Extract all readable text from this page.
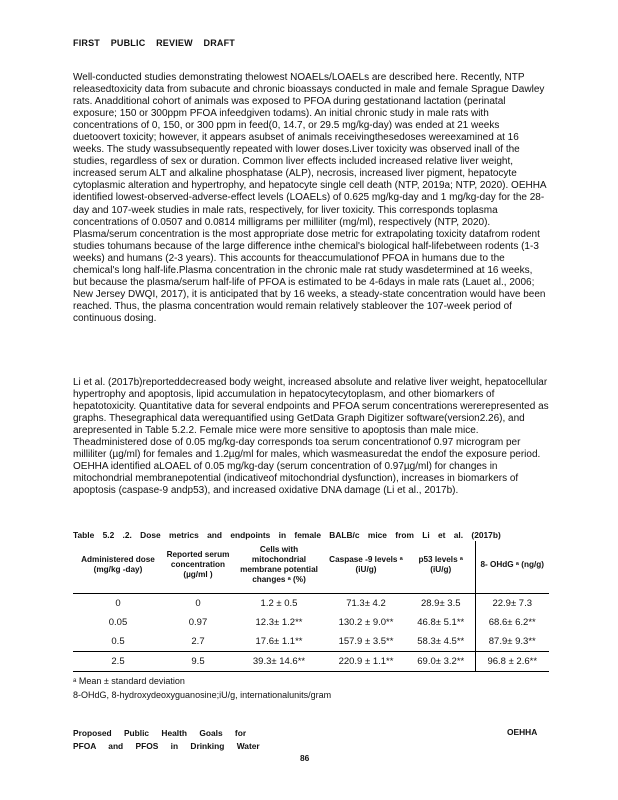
FIRST PUBLIC REVIEW DRAFT
Well-conducted studies demonstrating thelowest NOAELs/LOAELs are described here. Recently, NTP releasedtoxicity data from subacute and chronic bioassays conducted in male and female Sprague Dawley rats. Anadditional cohort of animals was exposed to PFOA during gestationand lactation (perinatal exposure; 150 or 300ppm PFOA infeedgiven todams). An initial chronic study in male rats with concentrations of 0, 150, or 300 ppm in feed(0, 14.7, or 29.5 mg/kg-day) was ended at 21 weeks duetoovert toxicity; however, it appears asubset of animals receivingthesedoses wereexamined at 16 weeks. The study wassubsequently repeated with lower doses.Liver toxicity was observed inall of the studies, regardless of sex or duration. Common liver effects included increased relative liver weight, increased serum ALT and alkaline phosphatase (ALP), necrosis, increased liver pigment, hepatocyte cytoplasmic alteration and hypertrophy, and hepatocyte single cell death (NTP, 2019a; NTP, 2020). OEHHA identified lowest-observed-adverse-effect levels (LOAELs) of 0.625 mg/kg-day and 1 mg/kg-day for the 28-day and 107-week studies in male rats, respectively, for liver toxicity. This corresponds toplasma concentrations of 0.0507 and 0.0814 milligrams per milliliter (mg/ml), respectively (NTP, 2020). Plasma/serum concentration is the most appropriate dose metric for extrapolating toxicity datafrom rodent studies tohumans because of the large difference inthe chemical's biological half-lifebetween rodents (1-3 weeks) and humans (2-3 years). This accounts for theaccumulationof PFOA in humans due to the chemical's long half-life.Plasma concentration in the chronic male rat study wasdetermined at 16 weeks, but because the plasma/serum half-life of PFOA is estimated to be 4-6days in male rats (Lauet al., 2006; New Jersey DWQI, 2017), it is anticipated that by 16 weeks, a steady-state concentration would have been reached. Thus, the plasma concentration would remain relatively stableover the 107-week period of continuous dosing.
Li et al. (2017b)reporteddecreased body weight, increased absolute and relative liver weight, hepatocellular hypertrophy and apoptosis, lipid accumulation in hepatocytecytoplasm, and other biomarkers of hepatotoxicity. Quantitative data for several endpoints and PFOA serum concentrations wererepresented as graphs. Thesegraphical data werequantified using GetData Graph Digitizer software(version2.26), and arepresented in Table 5.2.2. Female mice were more sensitive to apoptosis than male mice. Theadministered dose of 0.05 mg/kg-day corresponds toa serum concentrationof 0.97 microgram per milliliter (µg/ml) for females and 1.2µg/ml for males, which wasmeasuredat the endof the exposure period. OEHHA identified aLOAEL of 0.05 mg/kg-day (serum concentration of 0.97µg/ml) for changes in mitochondrial membranepotential (indicativeof mitochondrial dysfunction), increases in biomarkers of apoptosis (caspase-9 andp53), and increased oxidative DNA damage (Li et al., 2017b).
Table 5.2 .2. Dose metrics and endpoints in female BALB/c mice from Li et al. (2017b)
Administered dose (mg/kg -day)	Reported serum concentration (µg/ml )	Cells with mitochondrial membrane potential changes ᵃ (%)	Caspase -9 levels ᵃ (iU/g)	p53 levels ᵃ (iU/g)	8- OHdG ᵃ (ng/g)
0	0	1.2 ± 0.5	71.3± 4.2	28.9± 3.5	22.9± 7.3
0.05	0.97	12.3± 1.2**	130.2 ± 9.0**	46.8± 5.1**	68.6± 6.2**
0.5	2.7	17.6± 1.1**	157.9 ± 3.5**	58.3± 4.5**	87.9± 9.3**
2.5	9.5	39.3± 14.6**	220.9 ± 1.1**	69.0± 3.2**	96.8 ± 2.6**
ᵃ Mean ± standard deviation
8-OHdG, 8-hydroxydeoxyguanosine;iU/g, internationalunits/gram
Proposed Public Health Goals for
PFOA and PFOS in Drinking Water
OEHHA
86
